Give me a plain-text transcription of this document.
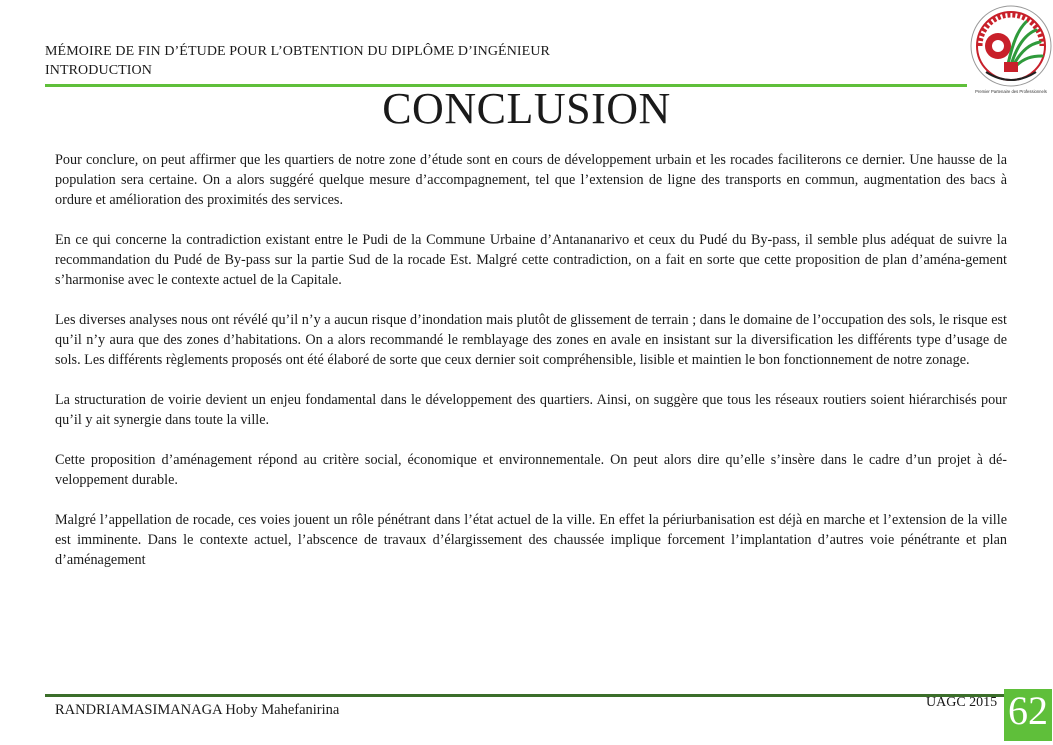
MÉMOIRE DE FIN D’ÉTUDE POUR L’OBTENTION DU DIPLÔME D’INGÉNIEUR
INTRODUCTION
Premier Partenaire des Professionnels
CONCLUSION

Pour conclure, on peut affirmer que les quartiers de notre zone d’étude sont en cours de développement urbain et les rocades faciliterons ce dernier. Une hausse de la population sera certaine. On a alors suggéré quelque mesure d’accompagnement, tel que l’extension de ligne des transports en commun, augmentation des bacs à ordure et amélioration des proximités des services.

En ce qui concerne la contradiction existant entre le Pudi de la Commune Urbaine d’Antananarivo et ceux du Pudé du By-pass, il semble plus adéquat de suivre la recommandation du Pudé de By-pass sur la partie Sud de la rocade Est. Malgré cette contradiction, on a fait en sorte que cette proposition de plan d’aména-gement s’harmonise avec le contexte actuel de la Capitale.

Les diverses analyses nous ont révélé qu’il n’y a aucun risque d’inondation mais plutôt de glissement de terrain ; dans le domaine de l’occupation des sols, le risque est qu’il n’y aura que des zones d’habitations. On a alors recommandé le remblayage des zones en avale en insistant sur la diversification les différents type d’usage de sols. Les différents règlements proposés ont été élaboré de sorte que ceux dernier soit compréhensible, lisible et maintien le bon fonctionnement de notre zonage.

La structuration de voirie devient un enjeu fondamental dans le développement des quartiers. Ainsi, on suggère que tous les réseaux routiers soient hiérarchisés pour qu’il y ait synergie dans toute la ville.

Cette proposition d’aménagement répond au critère social, économique et environnementale. On peut alors dire qu’elle s’insère dans le cadre d’un projet à dé-veloppement durable.

Malgré l’appellation de rocade, ces voies jouent un rôle pénétrant dans l’état actuel de la ville. En effet la périurbanisation est déjà en marche et l’extension de la ville est imminente. Dans le contexte actuel, l’abscence de travaux d’élargissement des chaussée implique forcement l’implantation d’autres voie pénétrante et plan d’aménagement

RANDRIAMASIMANAGA Hoby Mahefanirina	UAGC 2015 62
